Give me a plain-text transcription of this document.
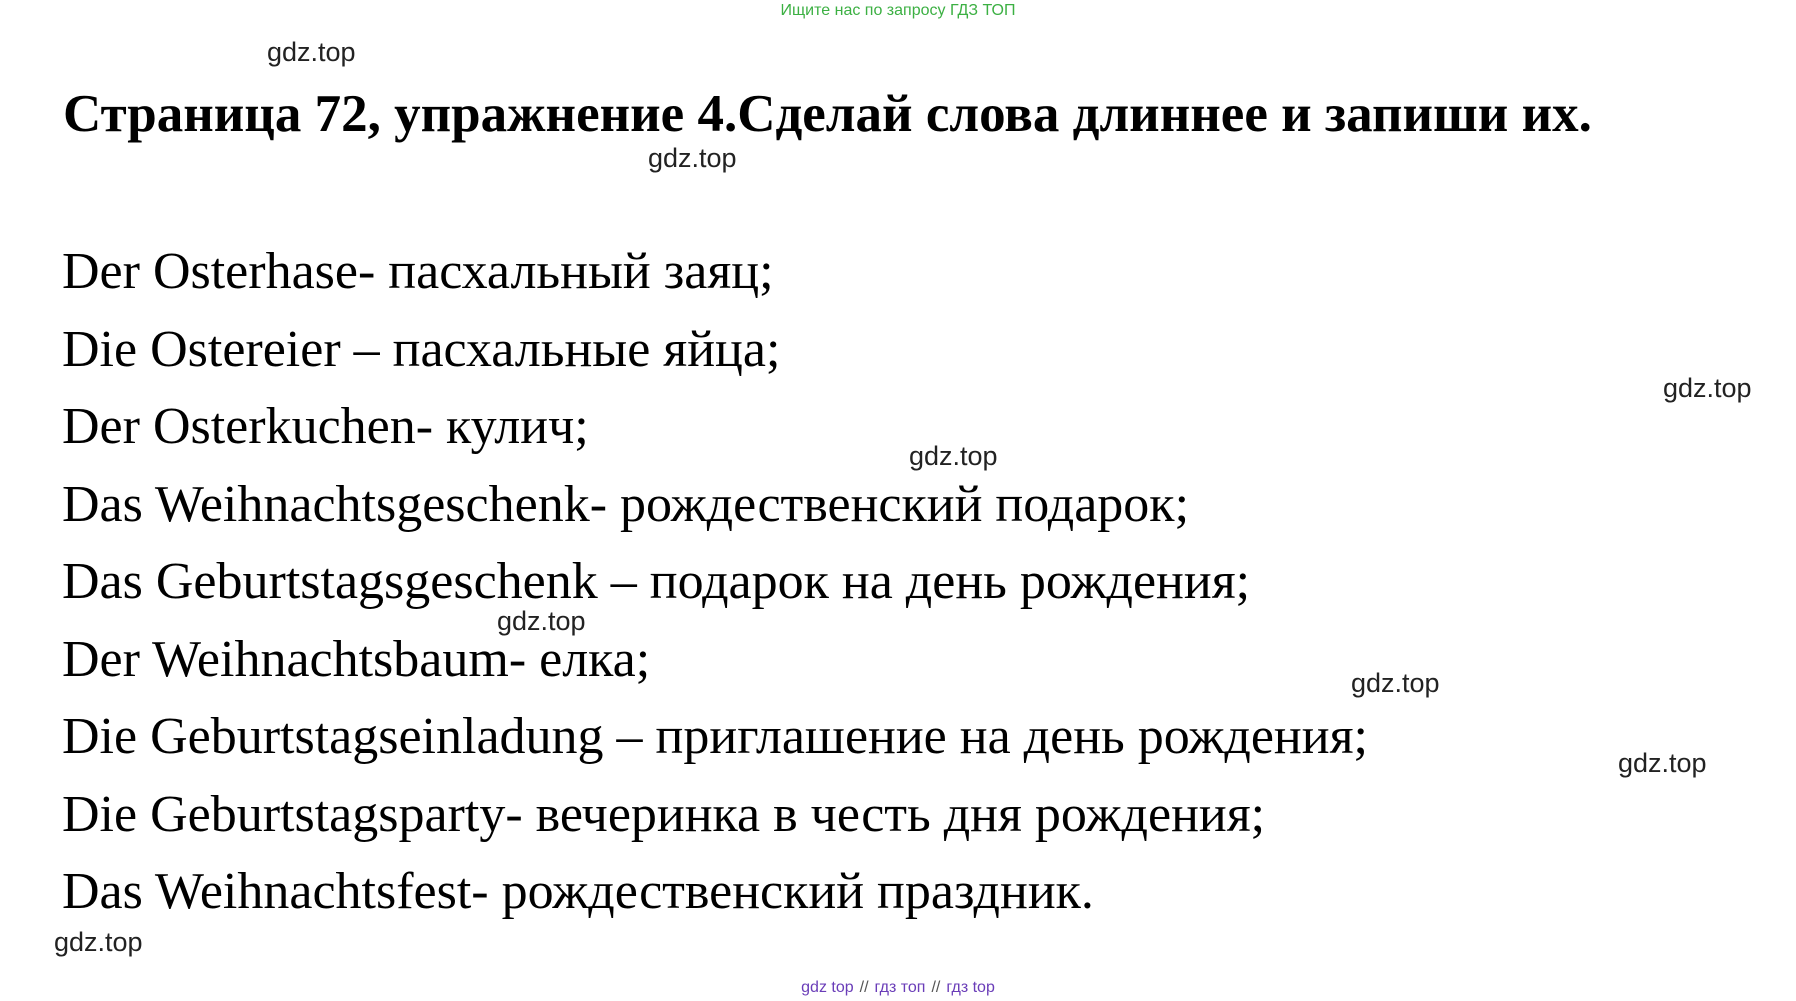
Ищите нас по запросу ГДЗ ТОП
Страница 72, упражнение 4.Сделай слова длиннее и запиши их.
Der Osterhase- пасхальный заяц;
Die Ostereier – пасхальные яйца;
Der Osterkuchen- кулич;
Das Weihnachtsgeschenk- рождественский подарок;
Das Geburtstagsgeschenk – подарок на день рождения;
Der Weihnachtsbaum- елка;
Die Geburtstagseinladung – приглашение на день рождения;
Die Geburtstagsparty- вечеринка в честь дня рождения;
Das Weihnachtsfest- рождественский праздник.
gdz.top
gdz.top
gdz.top
gdz.top
gdz.top
gdz.top
gdz.top
gdz.top
gdz top // гдз топ // гдз top
